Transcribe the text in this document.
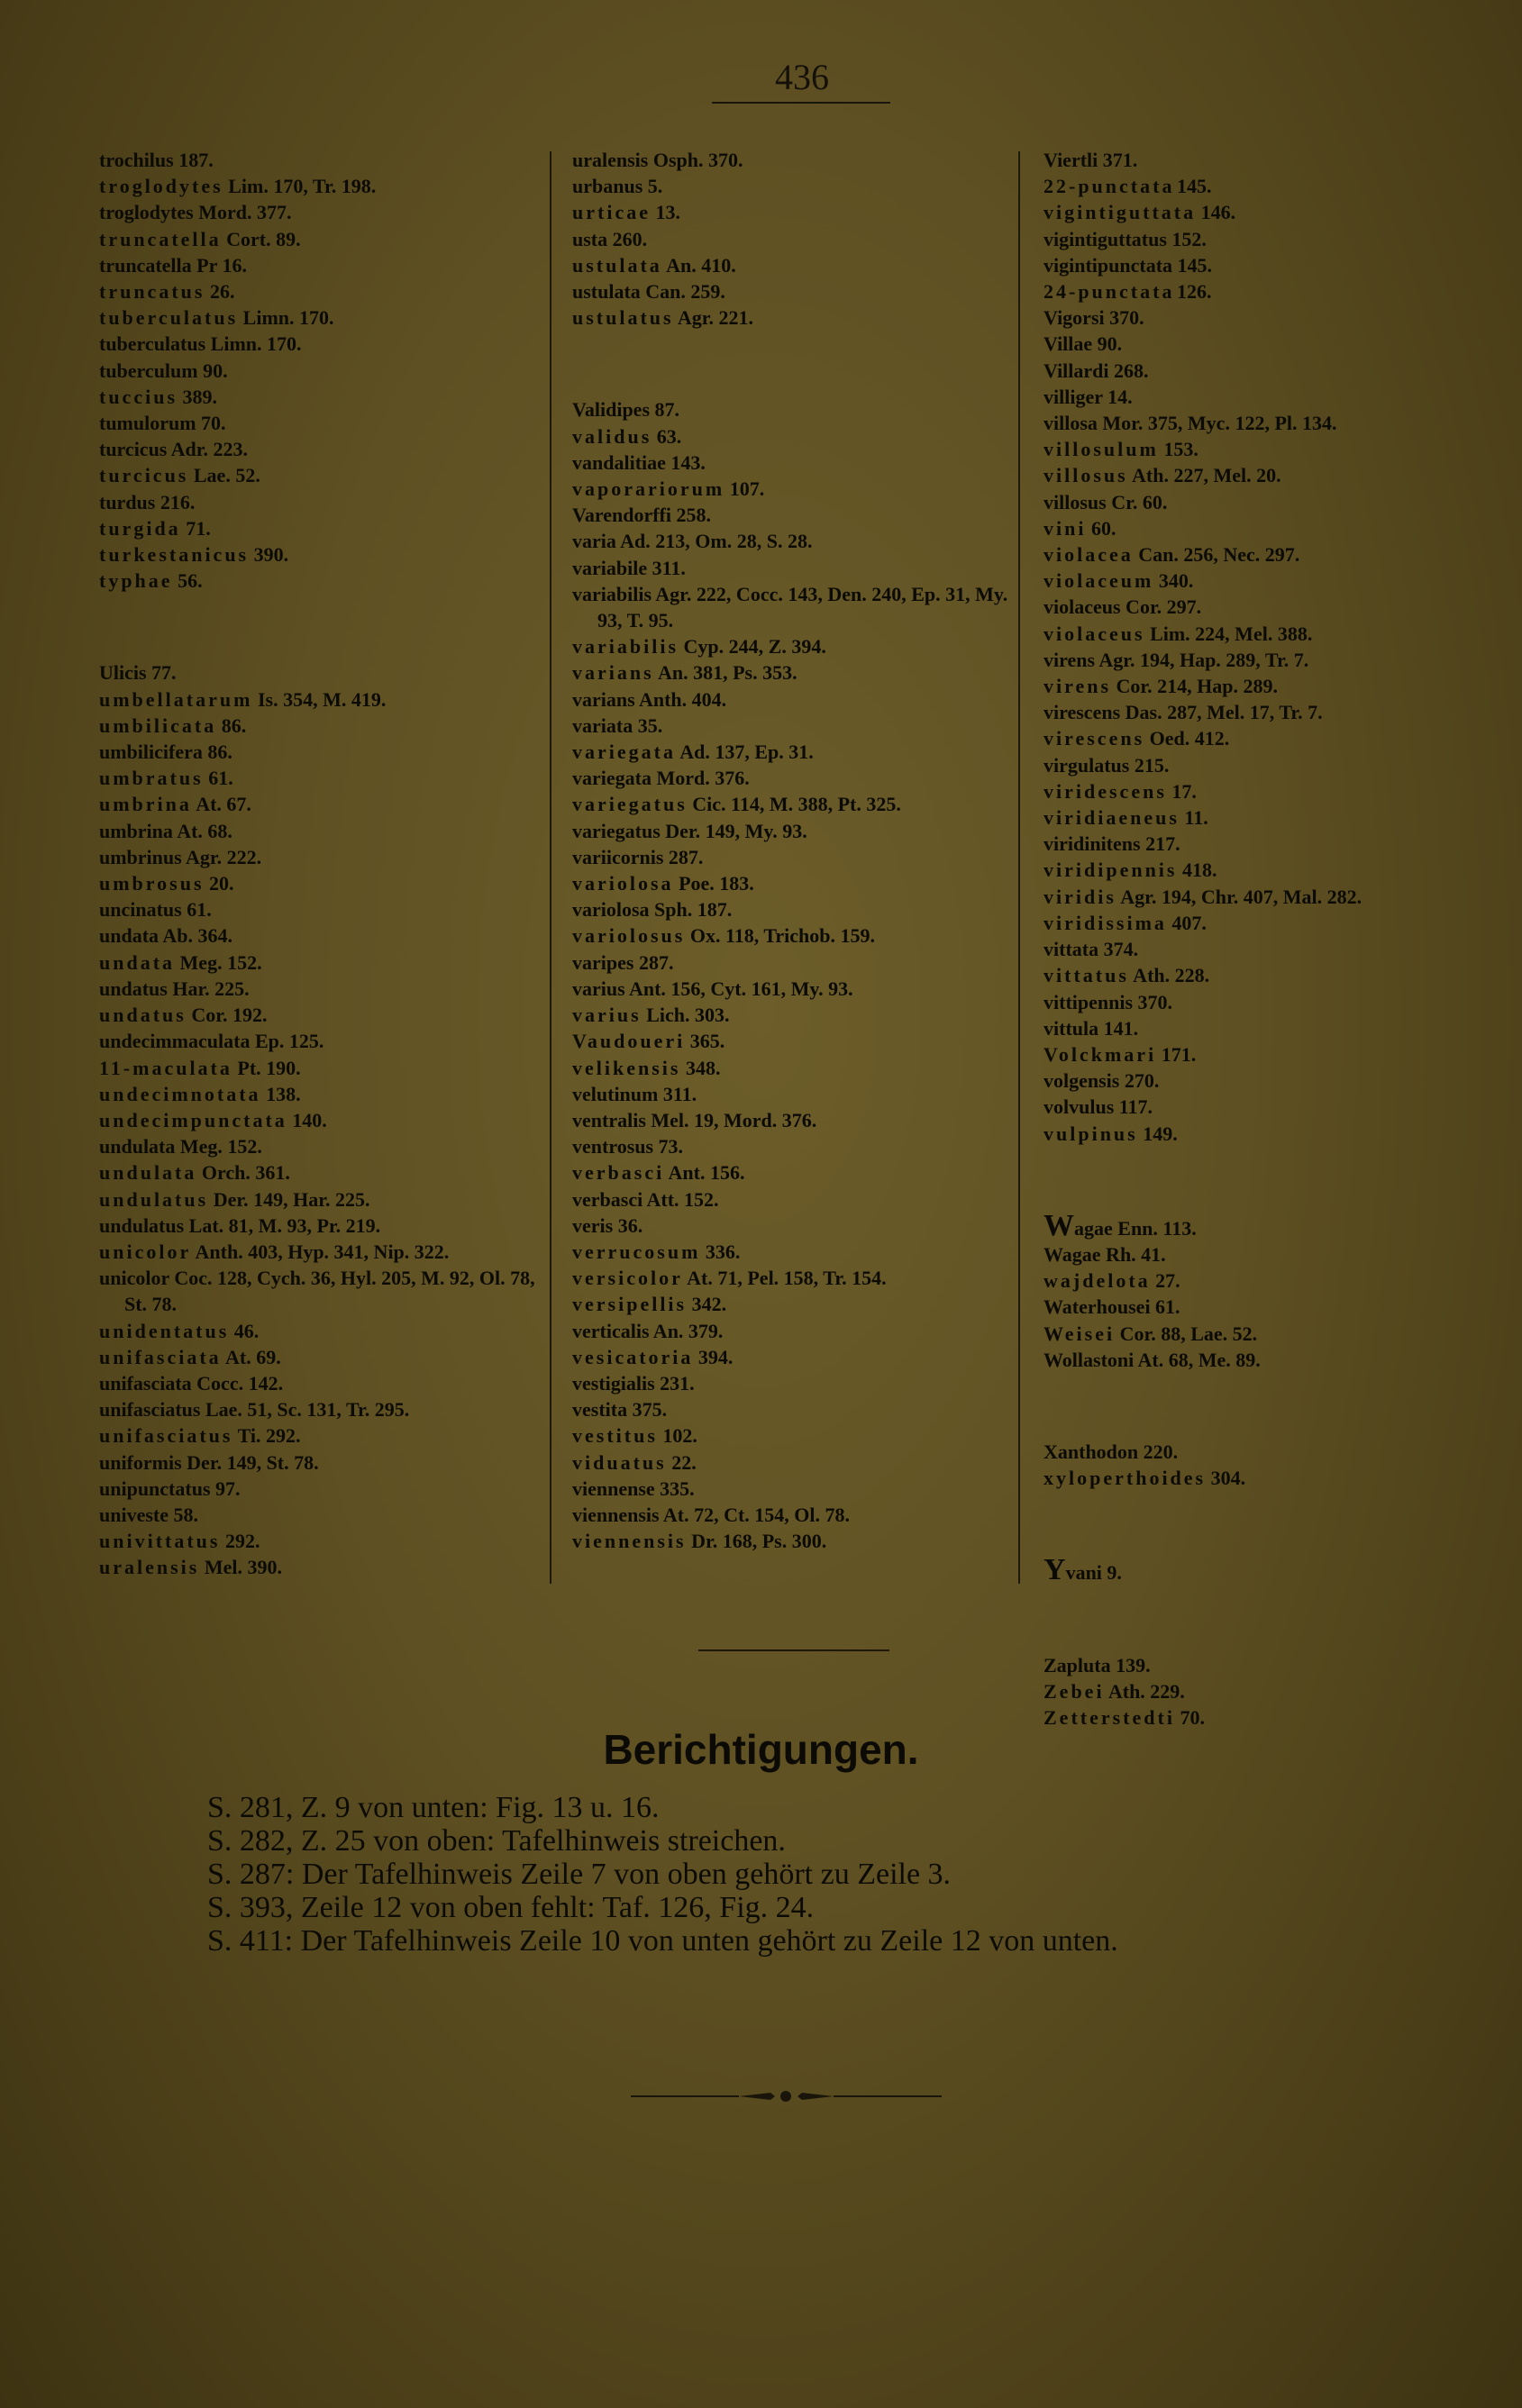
436

trochilus 187.

troglodytes Lim. 170, Tr. 198.

troglodytes Mord. 377.

truncatella Cort. 89.

truncatella Pr 16.

truncatus 26.

tuberculatus Limn. 170.

tuberculatus Limn. 170.

tuberculum 90.

tuccius 389.

tumulorum 70.

turcicus Adr. 223.

turcicus Lae. 52.

turdus 216.

turgida 71.

turkestanicus 390.

typhae 56.

Ulicis 77.

umbellatarum Is. 354, M. 419.

umbilicata 86.

umbilicifera 86.

umbratus 61.

umbrina At. 67.

umbrina At. 68.

umbrinus Agr. 222.

umbrosus 20.

uncinatus 61.

undata Ab. 364.

undata Meg. 152.

undatus Har. 225.

undatus Cor. 192.

undecimmaculata Ep. 125.

11-maculata Pt. 190.

undecimnotata 138.

undecimpunctata 140.

undulata Meg. 152.

undulata Orch. 361.

undulatus Der. 149, Har. 225.

undulatus Lat. 81, M. 93, Pr. 219.

unicolor Anth. 403, Hyp. 341, Nip. 322.

unicolor Coc. 128, Cych. 36, Hyl. 205, M. 92, Ol. 78, St. 78.

unidentatus 46.

unifasciata At. 69.

unifasciata Cocc. 142.

unifasciatus Lae. 51, Sc. 131, Tr. 295.

unifasciatus Ti. 292.

uniformis Der. 149, St. 78.

unipunctatus 97.

univeste 58.

univittatus 292.

uralensis Mel. 390.

uralensis Osph. 370.

urbanus 5.

urticae 13.

usta 260.

ustulata An. 410.

ustulata Can. 259.

ustulatus Agr. 221.

Validipes 87.

validus 63.

vandalitiae 143.

vaporariorum 107.

Varendorffi 258.

varia Ad. 213, Om. 28, S. 28.

variabile 311.

variabilis Agr. 222, Cocc. 143, Den. 240, Ep. 31, My. 93, T. 95.

variabilis Cyp. 244, Z. 394.

varians An. 381, Ps. 353.

varians Anth. 404.

variata 35.

variegata Ad. 137, Ep. 31.

variegata Mord. 376.

variegatus Cic. 114, M. 388, Pt. 325.

variegatus Der. 149, My. 93.

variicornis 287.

variolosa Poe. 183.

variolosa Sph. 187.

variolosus Ox. 118, Trichob. 159.

varipes 287.

varius Ant. 156, Cyt. 161, My. 93.

varius Lich. 303.

Vaudoueri 365.

velikensis 348.

velutinum 311.

ventralis Mel. 19, Mord. 376.

ventrosus 73.

verbasci Ant. 156.

verbasci Att. 152.

veris 36.

verrucosum 336.

versicolor At. 71, Pel. 158, Tr. 154.

versipellis 342.

verticalis An. 379.

vesicatoria 394.

vestigialis 231.

vestita 375.

vestitus 102.

viduatus 22.

viennense 335.

viennensis At. 72, Ct. 154, Ol. 78.

viennensis Dr. 168, Ps. 300.

Viertli 371.

22-punctata 145.

vigintiguttata 146.

vigintiguttatus 152.

vigintipunctata 145.

24-punctata 126.

Vigorsi 370.

Villae 90.

Villardi 268.

villiger 14.

villosa Mor. 375, Myc. 122, Pl. 134.

villosulum 153.

villosus Ath. 227, Mel. 20.

villosus Cr. 60.

vini 60.

violacea Can. 256, Nec. 297.

violaceum 340.

violaceus Cor. 297.

violaceus Lim. 224, Mel. 388.

virens Agr. 194, Hap. 289, Tr. 7.

virens Cor. 214, Hap. 289.

virescens Das. 287, Mel. 17, Tr. 7.

virescens Oed. 412.

virgulatus 215.

viridescens 17.

viridiaeneus 11.

viridinitens 217.

viridipennis 418.

viridis Agr. 194, Chr. 407, Mal. 282.

viridissima 407.

vittata 374.

vittatus Ath. 228.

vittipennis 370.

vittula 141.

Volckmari 171.

volgensis 270.

volvulus 117.

vulpinus 149.

Wagae Enn. 113.

Wagae Rh. 41.

wajdelota 27.

Waterhousei 61.

Weisei Cor. 88, Lae. 52.

Wollastoni At. 68, Me. 89.

Xanthodon 220.

xyloperthoides 304.

Yvani 9.

Zapluta 139.

Zebei Ath. 229.

Zetterstedti 70.

Berichtigungen.

S. 281, Z. 9 von unten: Fig. 13 u. 16.

S. 282, Z. 25 von oben: Tafelhinweis streichen.

S. 287: Der Tafelhinweis Zeile 7 von oben gehört zu Zeile 3.

S. 393, Zeile 12 von oben fehlt: Taf. 126, Fig. 24.

S. 411: Der Tafelhinweis Zeile 10 von unten gehört zu Zeile 12 von unten.
